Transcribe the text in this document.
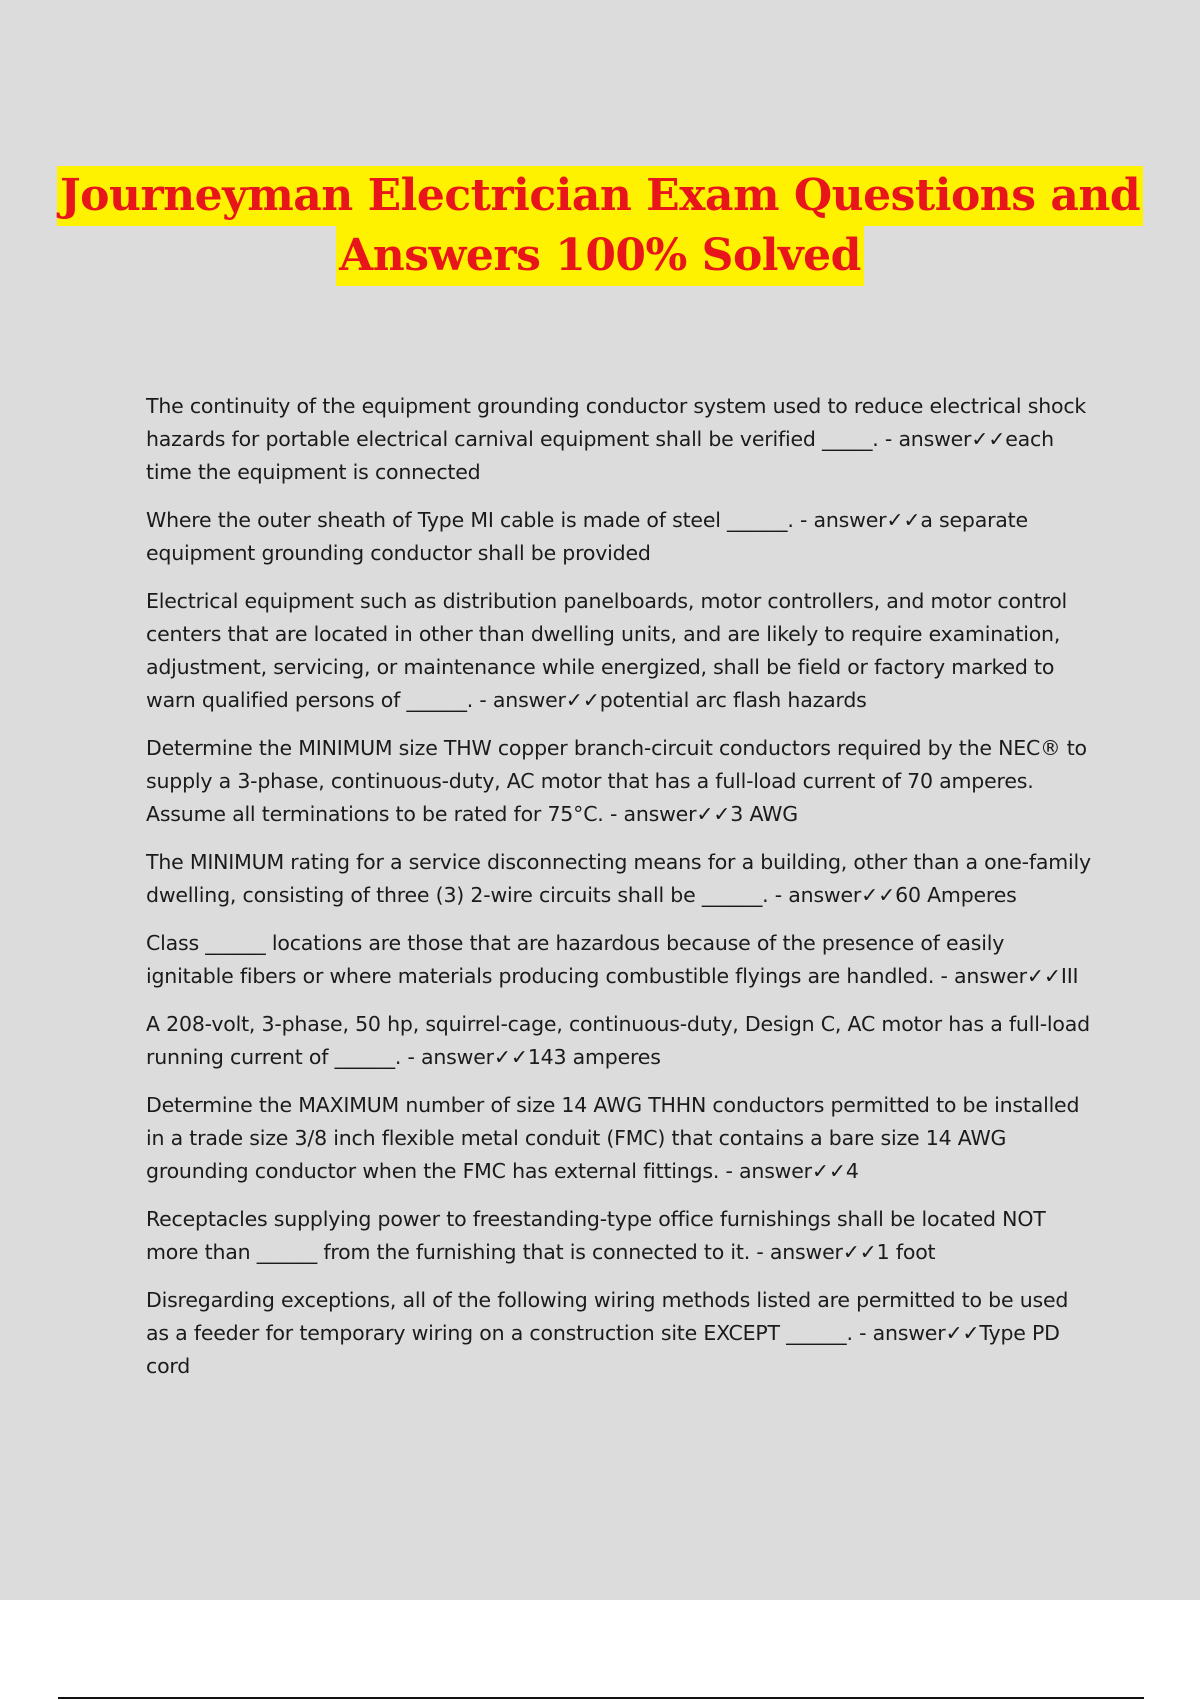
Journeyman Electrician Exam Questions and
Answers 100% Solved

The continuity of the equipment grounding conductor system used to reduce electrical shock hazards for portable electrical carnival equipment shall be verified _____. - answer✓✓each time the equipment is connected

Where the outer sheath of Type MI cable is made of steel ______. - answer✓✓a separate equipment grounding conductor shall be provided

Electrical equipment such as distribution panelboards, motor controllers, and motor control centers that are located in other than dwelling units, and are likely to require examination, adjustment, servicing, or maintenance while energized, shall be field or factory marked to warn qualified persons of ______. - answer✓✓potential arc flash hazards

Determine the MINIMUM size THW copper branch-circuit conductors required by the NEC® to supply a 3-phase, continuous-duty, AC motor that has a full-load current of 70 amperes. Assume all terminations to be rated for 75°C. - answer✓✓3 AWG

The MINIMUM rating for a service disconnecting means for a building, other than a one-family dwelling, consisting of three (3) 2-wire circuits shall be ______. - answer✓✓60 Amperes

Class ______ locations are those that are hazardous because of the presence of easily ignitable fibers or where materials producing combustible flyings are handled. - answer✓✓III

A 208-volt, 3-phase, 50 hp, squirrel-cage, continuous-duty, Design C, AC motor has a full-load running current of ______. - answer✓✓143 amperes

Determine the MAXIMUM number of size 14 AWG THHN conductors permitted to be installed in a trade size 3/8 inch flexible metal conduit (FMC) that contains a bare size 14 AWG grounding conductor when the FMC has external fittings. - answer✓✓4

Receptacles supplying power to freestanding-type office furnishings shall be located NOT more than ______ from the furnishing that is connected to it. - answer✓✓1 foot

Disregarding exceptions, all of the following wiring methods listed are permitted to be used as a feeder for temporary wiring on a construction site EXCEPT ______. - answer✓✓Type PD cord
